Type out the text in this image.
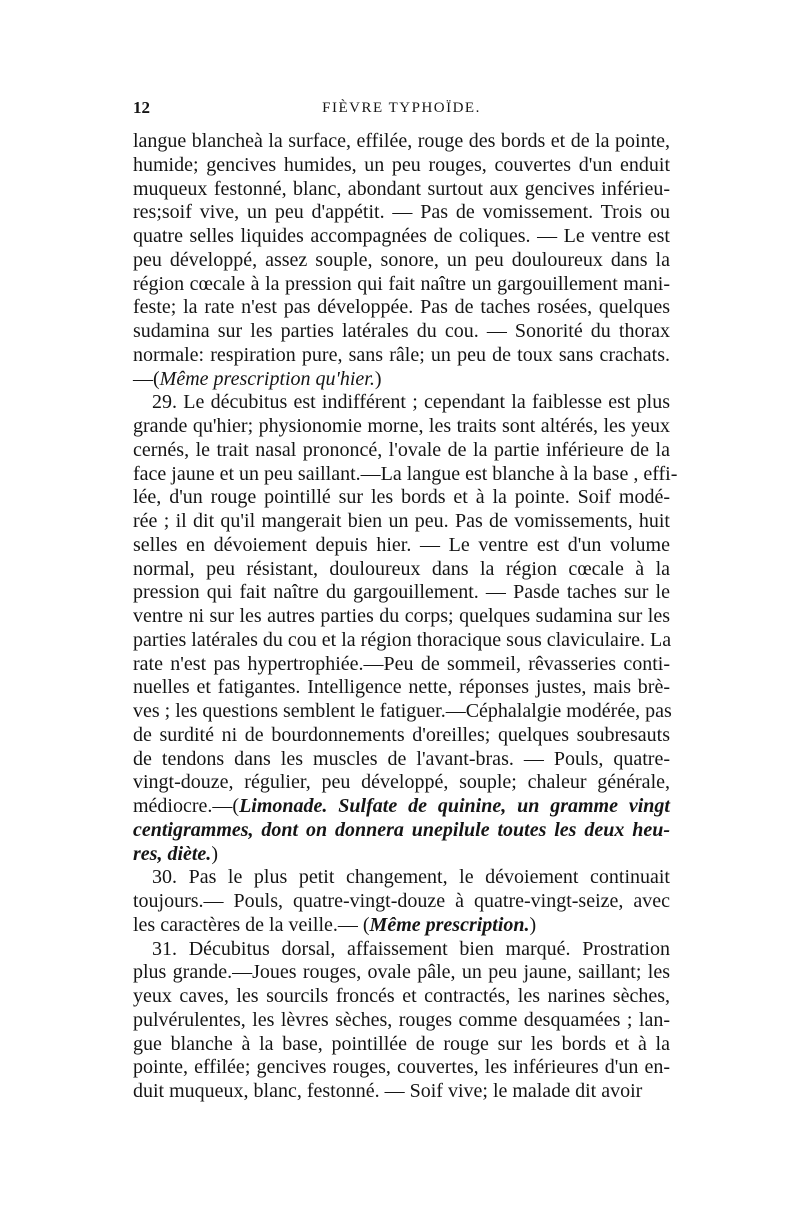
12	FIÈVRE TYPHOÏDE.
langue blancheà la surface, effilée, rouge des bords et de la pointe,
humide; gencives humides, un peu rouges, couvertes d'un enduit
muqueux festonné, blanc, abondant surtout aux gencives inférieu-
res;soif vive, un peu d'appétit. — Pas de vomissement. Trois ou
quatre selles liquides accompagnées de coliques. — Le ventre est
peu développé, assez souple, sonore, un peu douloureux dans la
région cœcale à la pression qui fait naître un gargouillement mani-
feste; la rate n'est pas développée. Pas de taches rosées, quelques
sudamina sur les parties latérales du cou. — Sonorité du thorax
normale: respiration pure, sans râle; un peu de toux sans crachats.
—(Même prescription qu'hier.)
29. Le décubitus est indifférent ; cependant la faiblesse est plus
grande qu'hier; physionomie morne, les traits sont altérés, les yeux
cernés, le trait nasal prononcé, l'ovale de la partie inférieure de la
face jaune et un peu saillant.—La langue est blanche à la base , effi-
lée, d'un rouge pointillé sur les bords et à la pointe. Soif modé-
rée ; il dit qu'il mangerait bien un peu. Pas de vomissements, huit
selles en dévoiement depuis hier. — Le ventre est d'un volume
normal, peu résistant, douloureux dans la région cœcale à la
pression qui fait naître du gargouillement. — Pasde taches sur le
ventre ni sur les autres parties du corps; quelques sudamina sur les
parties latérales du cou et la région thoracique sous claviculaire. La
rate n'est pas hypertrophiée.—Peu de sommeil, rêvasseries conti-
nuelles et fatigantes. Intelligence nette, réponses justes, mais brè-
ves ; les questions semblent le fatiguer.—Céphalalgie modérée, pas
de surdité ni de bourdonnements d'oreilles; quelques soubresauts
de tendons dans les muscles de l'avant-bras. — Pouls, quatre-
vingt-douze, régulier, peu développé, souple; chaleur générale,
médiocre.—(Limonade. Sulfate de quinine, un gramme vingt
centigrammes, dont on donnera unepilule toutes les deux heu-
res, diète.)
30. Pas le plus petit changement, le dévoiement continuait
toujours.— Pouls, quatre-vingt-douze à quatre-vingt-seize, avec
les caractères de la veille.— (Même prescription.)
31. Décubitus dorsal, affaissement bien marqué. Prostration
plus grande.—Joues rouges, ovale pâle, un peu jaune, saillant; les
yeux caves, les sourcils froncés et contractés, les narines sèches,
pulvérulentes, les lèvres sèches, rouges comme desquamées ; lan-
gue blanche à la base, pointillée de rouge sur les bords et à la
pointe, effilée; gencives rouges, couvertes, les inférieures d'un en-
duit muqueux, blanc, festonné. — Soif vive; le malade dit avoir
